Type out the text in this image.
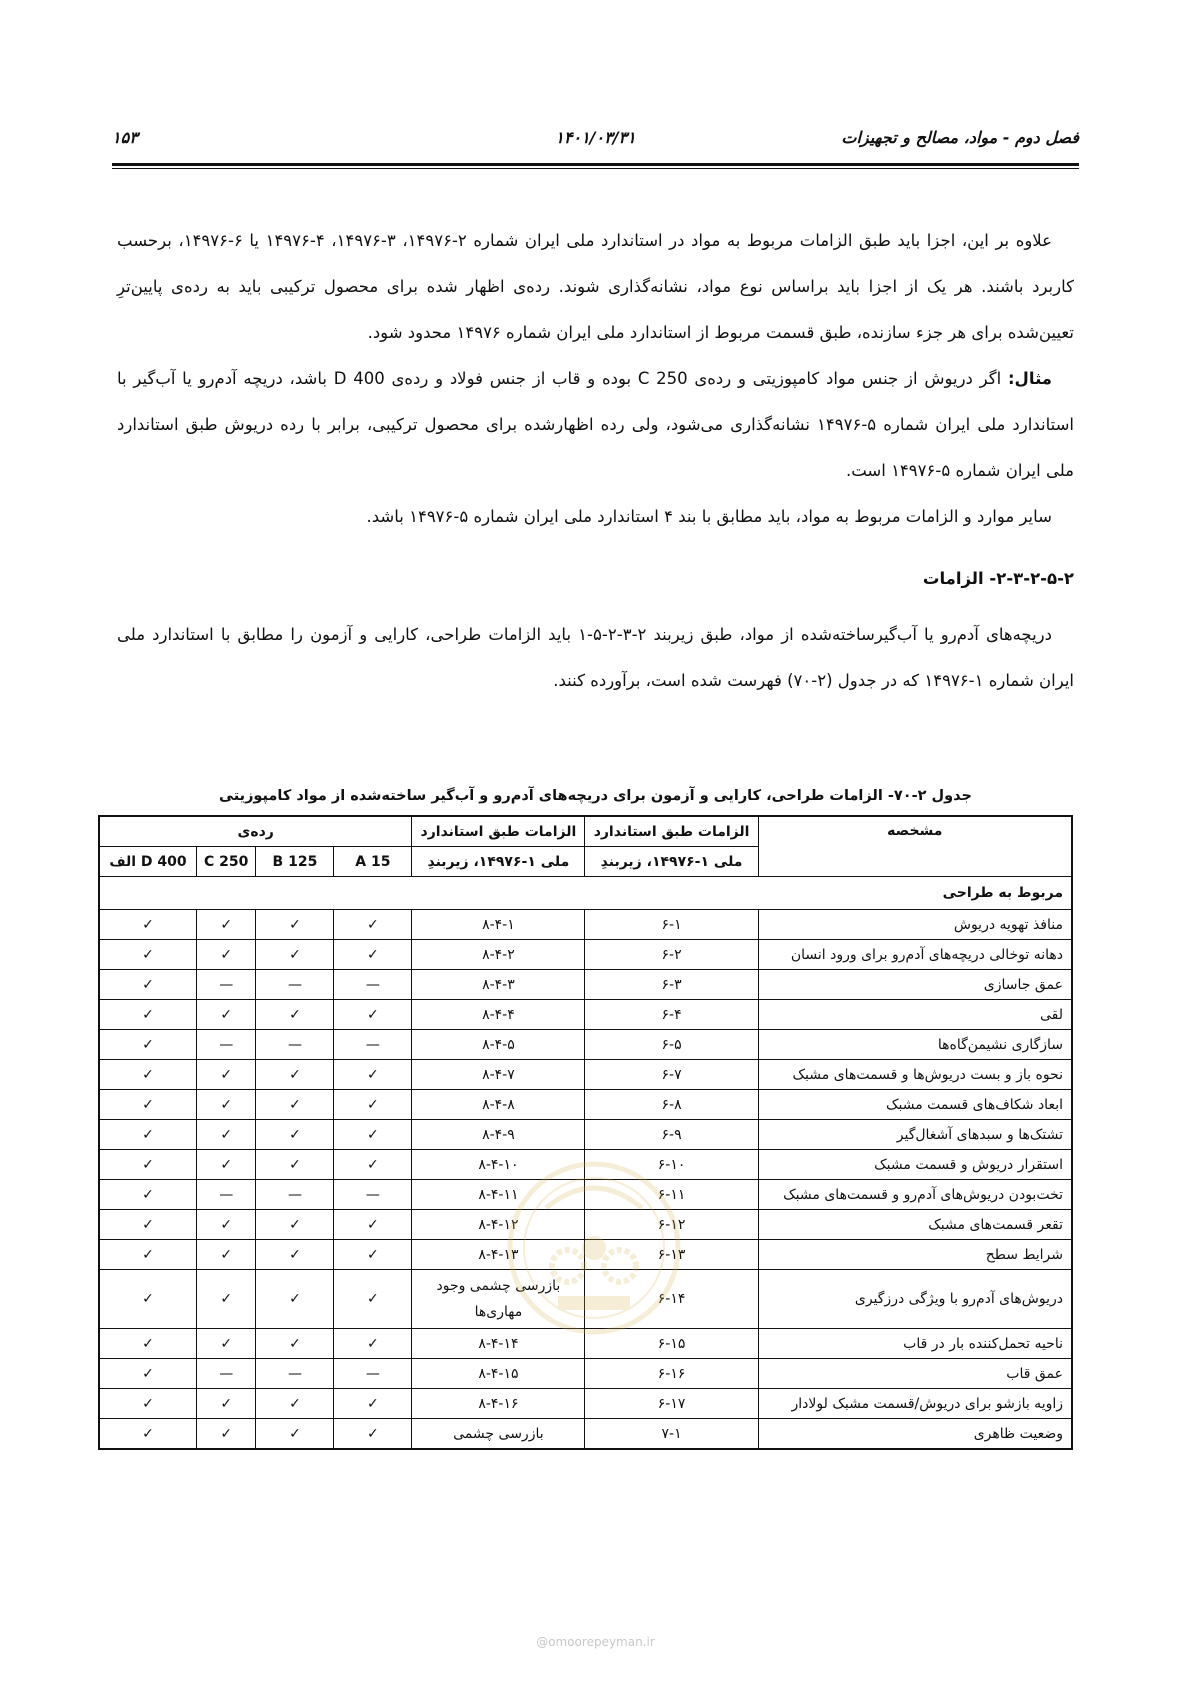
فصل دوم - مواد، مصالح و تجهیزات
۱۴۰۱/۰۳/۳۱
۱۵۳

علاوه بر این، اجزا باید طبق الزامات مربوط به مواد در استاندارد ملی ایران شماره ۲-۱۴۹۷۶، ۳-۱۴۹۷۶، ۴-۱۴۹۷۶ یا ۶-۱۴۹۷۶، برحسب کاربرد باشند. هر یک از اجزا باید براساس نوع مواد، نشانه‌گذاری شوند. رده‌ی اظهار شده برای محصول ترکیبی باید به رده‌ی پایین‌ترِ تعیین‌شده برای هر جزء سازنده، طبق قسمت مربوط از استاندارد ملی ایران شماره ۱۴۹۷۶ محدود شود.

مثال: اگر دریوش از جنس مواد کامپوزیتی و رده‌ی C 250 بوده و قاب از جنس فولاد و رده‌ی D 400 باشد، دریچه آدم‌رو یا آب‌گیر با استاندارد ملی ایران شماره ۵-۱۴۹۷۶ نشانه‌گذاری می‌شود، ولی رده اظهارشده برای محصول ترکیبی، برابر با رده دریوش طبق استاندارد ملی ایران شماره ۵-۱۴۹۷۶ است.

سایر موارد و الزامات مربوط به مواد، باید مطابق با بند ۴ استاندارد ملی ایران شماره ۵-۱۴۹۷۶ باشد.

۲-۳-۲-۵-۲- الزامات

دریچه‌های آدم‌رو یا آب‌گیرساخته‌شده از مواد، طبق زیربند ۲-۳-۲-۵-۱ باید الزامات طراحی، کارایی و آزمون را مطابق با استاندارد ملی ایران شماره ۱-۱۴۹۷۶ که در جدول (۲-۷۰) فهرست شده است، برآورده کنند.

جدول ۲-۷۰- الزامات طراحی، کارایی و آزمون برای دریچه‌های آدم‌رو و آب‌گیر ساخته‌شده از مواد کامپوزیتی
مشخصه	الزامات طبق استاندارد	الزامات طبق استاندارد	رده‌ی			
	ملی ۱-۱۴۹۷۶، زیربندِ	ملی ۱-۱۴۹۷۶، زیربندِ	A 15	B 125	C 250	D 400 الف
مربوط به طراحی						
منافذ تهویه دریوش	۶-۱	۸-۴-۱	✓	✓	✓	✓
دهانه توخالی دریچه‌های آدم‌رو برای ورود انسان	۶-۲	۸-۴-۲	✓	✓	✓	✓
عمق جاسازی	۶-۳	۸-۴-۳	—	—	—	✓
لقی	۶-۴	۸-۴-۴	✓	✓	✓	✓
سازگاری نشیمن‌گاه‌ها	۶-۵	۸-۴-۵	—	—	—	✓
نحوه باز و بست دریوش‌ها و قسمت‌های مشبک	۶-۷	۸-۴-۷	✓	✓	✓	✓
ابعاد شکاف‌های قسمت مشبک	۶-۸	۸-۴-۸	✓	✓	✓	✓
تشتک‌ها و سبدهای آشغال‌گیر	۶-۹	۸-۴-۹	✓	✓	✓	✓
استقرار دریوش و قسمت مشبک	۶-۱۰	۸-۴-۱۰	✓	✓	✓	✓
تخت‌بودن دریوش‌های آدم‌رو و قسمت‌های مشبک	۶-۱۱	۸-۴-۱۱	—	—	—	✓
تقعر قسمت‌های مشبک	۶-۱۲	۸-۴-۱۲	✓	✓	✓	✓
شرایط سطح	۶-۱۳	۸-۴-۱۳	✓	✓	✓	✓
دریوش‌های آدم‌رو با ویژگی درزگیری	۶-۱۴	بازرسی چشمی وجود مهاری‌ها	✓	✓	✓	✓
ناحیه تحمل‌کننده بار در قاب	۶-۱۵	۸-۴-۱۴	✓	✓	✓	✓
عمق قاب	۶-۱۶	۸-۴-۱۵	—	—	—	✓
زاویه بازشو برای دریوش/قسمت مشبک لولادار	۶-۱۷	۸-۴-۱۶	✓	✓	✓	✓
وضعیت ظاهری	۷-۱	بازرسی چشمی	✓	✓	✓	✓
@omoorepeyman.ir
